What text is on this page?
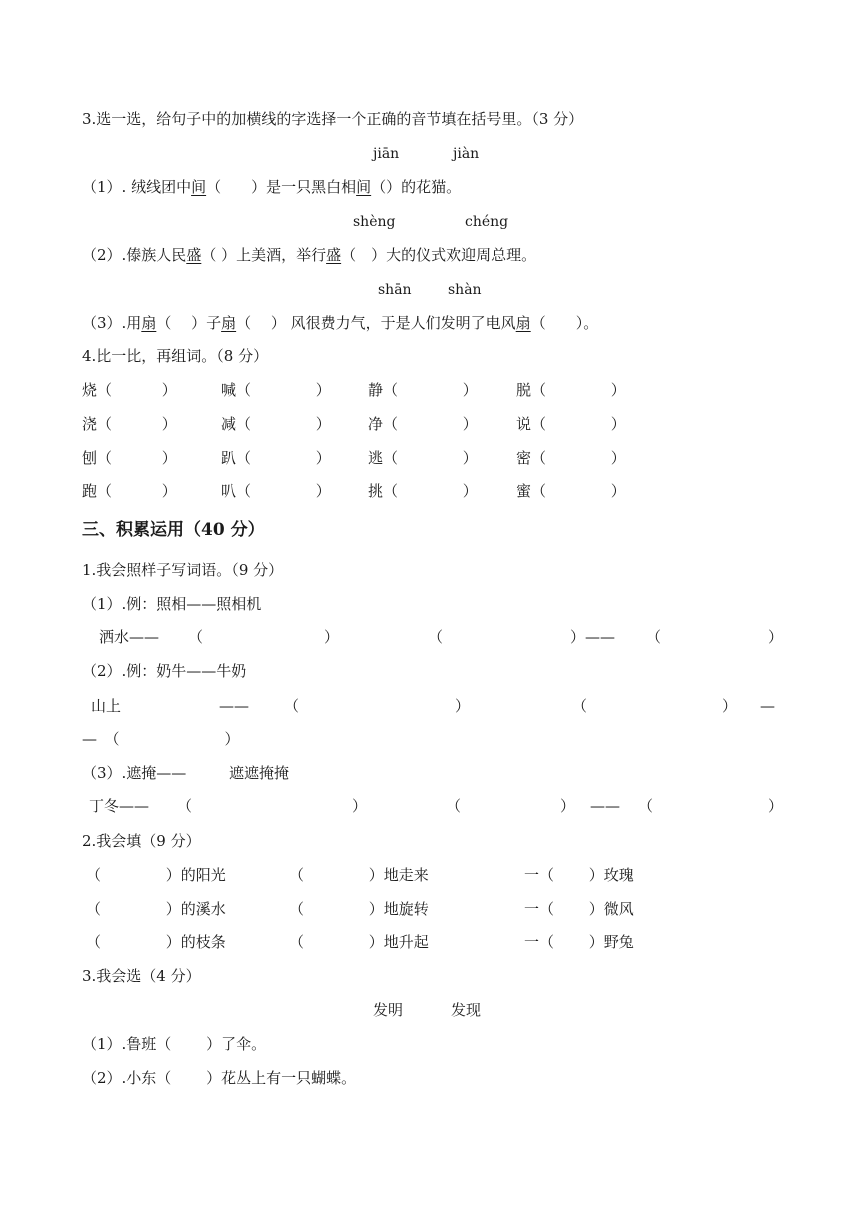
3.选一选，给句子中的加横线的字选择一个正确的音节填在括号里。（3 分）
jiān	jiàn
（1）. 绒线团中间（　　）是一只黑白相间（）的花猫。
shèng	chéng
（2）.傣族人民盛（ ）上美酒，举行盛（　）大的仪式欢迎周总理。
shān	shàn
（3）.用扇（　 ）子扇（　 ） 风很费力气，于是人们发明了电风扇（　　）。
4.比一比，再组词。（8 分）
烧（　　　 ）	喊（　　　　 ） 静（　　　　 ）	脱（　　　　 ）
浇（　　　 ）	减（　　　　 ） 净（　　　　 ）	说（　　　　 ）
刨（　　　 ）	趴（　　　　 ） 逃（　　　　 ）	密（　　　　 ）
跑（　　　 ）	叭（　　　　 ） 挑（　　　　 ）	蜜（　　　　 ）
三、积累运用（40 分）
1.我会照样子写词语。（9 分）
（1）.例：照相——照相机
洒水—— （	）	（	）—— （	）
（2）.例：奶牛——牛奶
山上	—— （	）	（	） —
—　（　　　　　　　）
（3）.遮掩——	遮遮掩掩
丁冬—— （	）	（	） —— （	）
2.我会填（9 分）
（　　　　 ）的阳光	（　　　　 ）地走来	一（　　 ）玫瑰
（　　　　 ）的溪水	（　　　　 ）地旋转	一（　　 ）微风
（　　　　 ）的枝条	（　　　　 ）地升起	一（　　 ）野兔
3.我会选（4 分）
发明	发现
（1）.鲁班（　　 ）了伞。
（2）.小东（　　 ）花丛上有一只蝴蝶。
